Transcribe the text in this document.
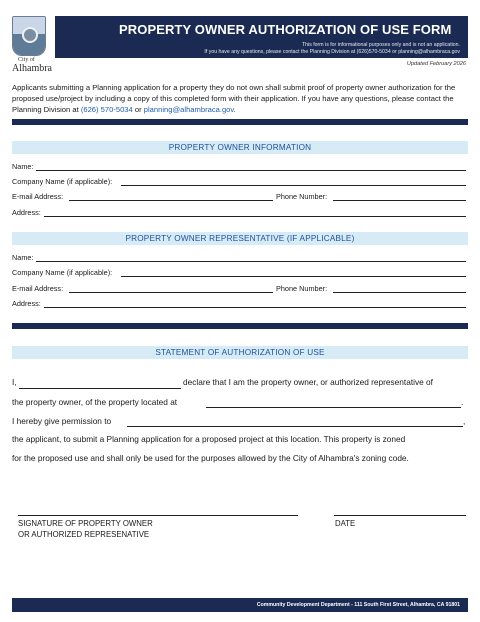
City of
Alhambra
PROPERTY OWNER AUTHORIZATION OF USE FORM
This form is for informational purposes only and is not an application.
If you have any questions, please contact the Planning Division at (626)570-5034 or planning@alhambraca.gov
Updated February 2026
Applicants submitting a Planning application for a property they do not own shall submit proof of property owner authorization for the proposed use/project by including a copy of this completed form with their application. If you have any questions, please contact the Planning Division at (626) 570-5034 or planning@alhambraca.gov.
PROPERTY OWNER INFORMATION
Name:
Company Name (if applicable):
E-mail Address:	Phone Number:
Address:
PROPERTY OWNER REPRESENTATIVE (IF APPLICABLE)
Name:
Company Name (if applicable):
E-mail Address:	Phone Number:
Address:
STATEMENT OF AUTHORIZATION OF USE
I,	declare that I am the property owner, or authorized representative of
the property owner, of the property located at	.
I hereby give permission to	,
the applicant, to submit a Planning application for a proposed project at this location. This property is zoned
for the proposed use and shall only be used for the purposes allowed by the City of Alhambra's zoning code.
SIGNATURE OF PROPERTY OWNER
OR AUTHORIZED REPRESENATIVE
DATE
Community Development Department - 111 South First Street, Alhambra, CA 91801
